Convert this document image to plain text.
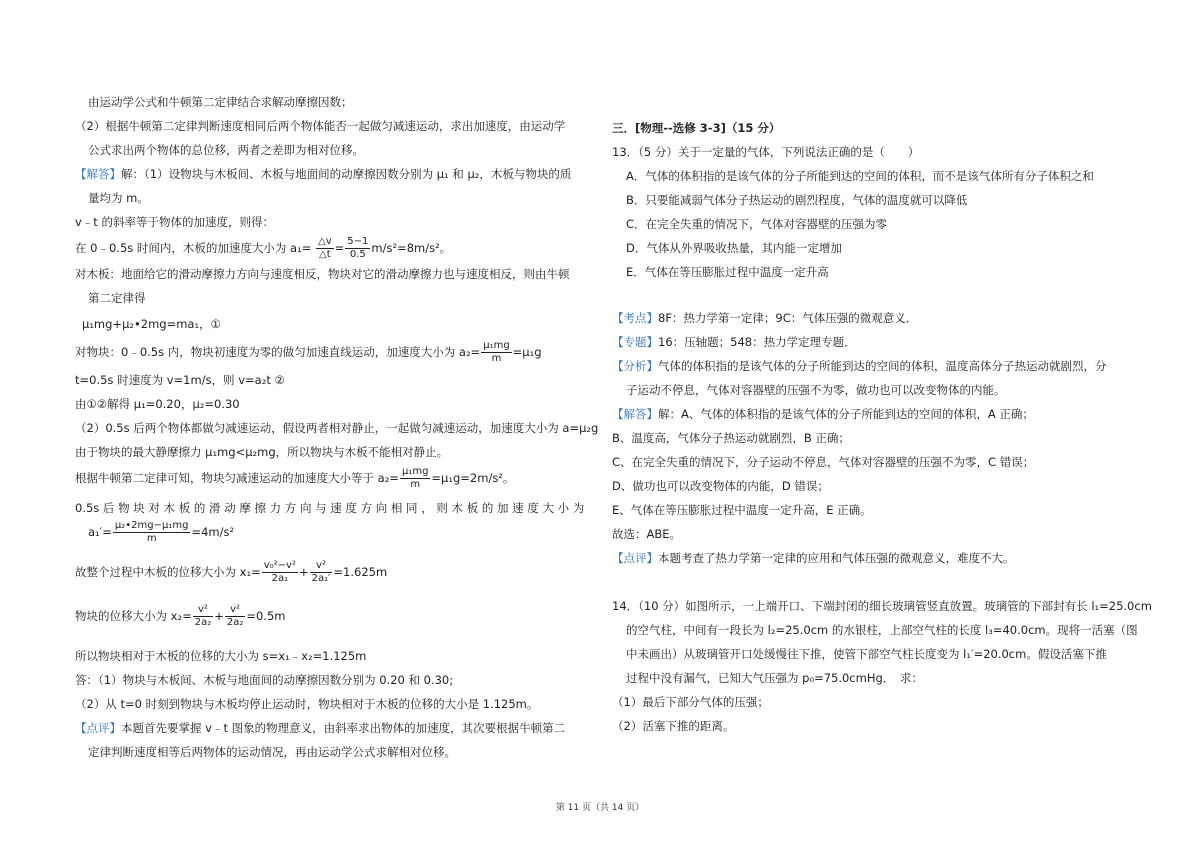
由运动学公式和牛顿第二定律结合求解动摩擦因数；
（2）根据牛顿第二定律判断速度相同后两个物体能否一起做匀减速运动，求出加速度，由运动学
公式求出两个物体的总位移，两者之差即为相对位移。
【解答】解：（1）设物块与木板间、木板与地面间的动摩擦因数分别为 μ₁ 和 μ₂，木板与物块的质
量均为 m。
v﹣t 的斜率等于物体的加速度，则得：
在 0﹣0.5s 时间内，木板的加速度大小为 $a_1= \frac{\triangle v}{\triangle t} = \frac{5-1}{0.5} m/s^2=8m/s^2$。
对木板：地面给它的滑动摩擦力方向与速度相反，物块对它的滑动摩擦力也与速度相反，则由牛顿
第二定律得
μ₁mg+μ₂•2mg=ma₁，①
对物块：0﹣0.5s 内，物块初速度为零的做匀加速直线运动，加速度大小为 $a_2= \frac{\text{μ₁mg}}{m} =\mu_1g$
t=0.5s 时速度为 v=1m/s，则 v=a₂t ②
由①②解得 μ₁=0.20，μ₂=0.30
（2）0.5s 后两个物体都做匀减速运动，假设两者相对静止，一起做匀减速运动，加速度大小为 a=μ₂g
由于物块的最大静摩擦力 μ₁mg<μ₂mg，所以物块与木板不能相对静止。
根据牛顿第二定律可知，物块匀减速运动的加速度大小等于 $a_2= \frac{\text{μ₁mg}}{m} =\mu_1g=2m/s^2$。
0.5s 后 物 块 对 木 板 的 滑 动 摩 擦 力 方 向 与 速 度 方 向 相 同 ， 则 木 板 的 加 速 度 大 小 为
$a_1'= \frac{\text{μ₂•2mg−μ₁mg}}{m} =4m/s^2$
故整个过程中木板的位移大小为 $x_1= \frac{\text{v₀²−v²}}{\text{2a₁}} + \frac{\text{v²}}{\text{2a₁′}} =1.625m$
物块的位移大小为 $x_2= \frac{\text{v²}}{\text{2a₂}} + \frac{\text{v²}}{\text{2a₂}} =0.5m$
所以物块相对于木板的位移的大小为 s=x₁﹣x₂=1.125m
答：（1）物块与木板间、木板与地面间的动摩擦因数分别为 0.20 和 0.30;
（2）从 t=0 时刻到物块与木板均停止运动时，物块相对于木板的位移的大小是 1.125m。
【点评】本题首先要掌握 v﹣t 图象的物理意义，由斜率求出物体的加速度，其次要根据牛顿第二
定律判断速度相等后两物体的运动情况，再由运动学公式求解相对位移。
三．[物理--选修 3-3]（15 分）
13．（5 分）关于一定量的气体，下列说法正确的是（　　）
A．气体的体积指的是该气体的分子所能到达的空间的体积，而不是该气体所有分子体积之和
B．只要能减弱气体分子热运动的剧烈程度，气体的温度就可以降低
C．在完全失重的情况下，气体对容器壁的压强为零
D．气体从外界吸收热量，其内能一定增加
E．气体在等压膨胀过程中温度一定升高
【考点】8F：热力学第一定律；9C：气体压强的微观意义．
【专题】16：压轴题；548：热力学定理专题．
【分析】气体的体积指的是该气体的分子所能到达的空间的体积，温度高体分子热运动就剧烈，分
子运动不停息，气体对容器壁的压强不为零，做功也可以改变物体的内能。
【解答】解：A、气体的体积指的是该气体的分子所能到达的空间的体积，A 正确；
B、温度高，气体分子热运动就剧烈，B 正确；
C、在完全失重的情况下，分子运动不停息，气体对容器壁的压强不为零，C 错误；
D、做功也可以改变物体的内能，D 错误；
E、气体在等压膨胀过程中温度一定升高，E 正确。
故选：ABE。
【点评】本题考查了热力学第一定律的应用和气体压强的微观意义，难度不大。
14．（10 分）如图所示，一上端开口、下端封闭的细长玻璃管竖直放置。玻璃管的下部封有长 l₁=25.0cm
的空气柱，中间有一段长为 l₂=25.0cm 的水银柱，上部空气柱的长度 l₃=40.0cm。现将一活塞（图
中未画出）从玻璃管开口处缓慢往下推，使管下部空气柱长度变为 l₁′=20.0cm。假设活塞下推
过程中没有漏气，已知大气压强为 p₀=75.0cmHg．　求：
（1）最后下部分气体的压强；
（2）活塞下推的距离。
第 11 页（共 14 页）
